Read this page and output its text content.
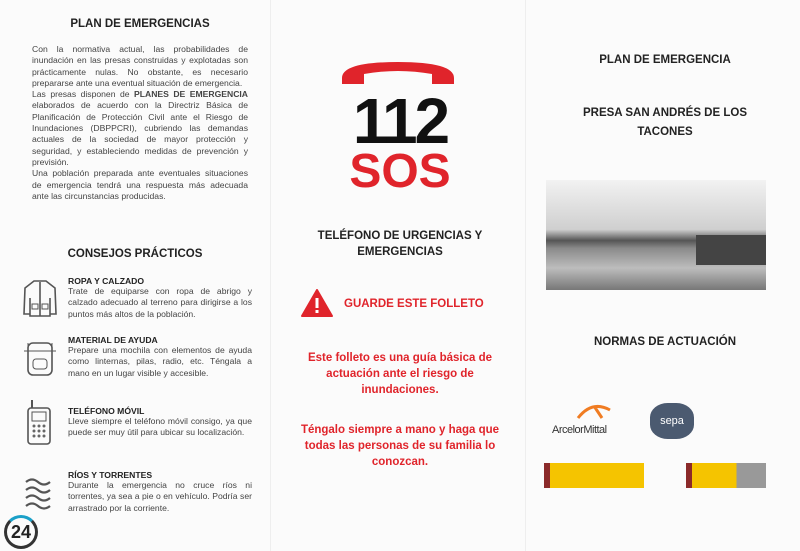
PLAN DE EMERGENCIAS
Con la normativa actual, las probabilidades de inundación en las presas construidas y explotadas son prácticamente nulas. No obstante, es necesario prepararse ante una eventual situación de emergencia.
Las presas disponen de PLANES DE EMERGENCIA elaborados de acuerdo con la Directriz Básica de Planificación de Protección Civil ante el Riesgo de Inundaciones (DBPPCRI), cubriendo las demandas actuales de la sociedad de mayor protección y seguridad, y estableciendo medidas de prevención y previsión.
Una población preparada ante eventuales situaciones de emergencia tendrá una respuesta más adecuada ante las circunstancias producidas.
CONSEJOS PRÁCTICOS
ROPA Y CALZADO
Trate de equiparse con ropa de abrigo y calzado adecuado al terreno para dirigirse a los puntos más altos de la población.
MATERIAL DE AYUDA
Prepare una mochila con elementos de ayuda como linternas, pilas, radio, etc. Téngala a mano en un lugar visible y accesible.
TELÉFONO MÓVIL
Lleve siempre el teléfono móvil consigo, ya que puede ser muy útil para ubicar su localización.
RÍOS Y TORRENTES
Durante la emergencia no cruce ríos ni torrentes, ya sea a pie o en vehículo. Podría ser arrastrado por la corriente.
24
112
SOS
TELÉFONO DE URGENCIAS Y EMERGENCIAS
GUARDE ESTE FOLLETO
Este folleto es una guía básica de actuación ante el riesgo de inundaciones.
Téngalo siempre a mano y haga que todas las personas de su familia lo conozcan.
PLAN DE EMERGENCIA
PRESA SAN ANDRÉS DE LOS TACONES
NORMAS DE ACTUACIÓN
ArcelorMittal
sepa
